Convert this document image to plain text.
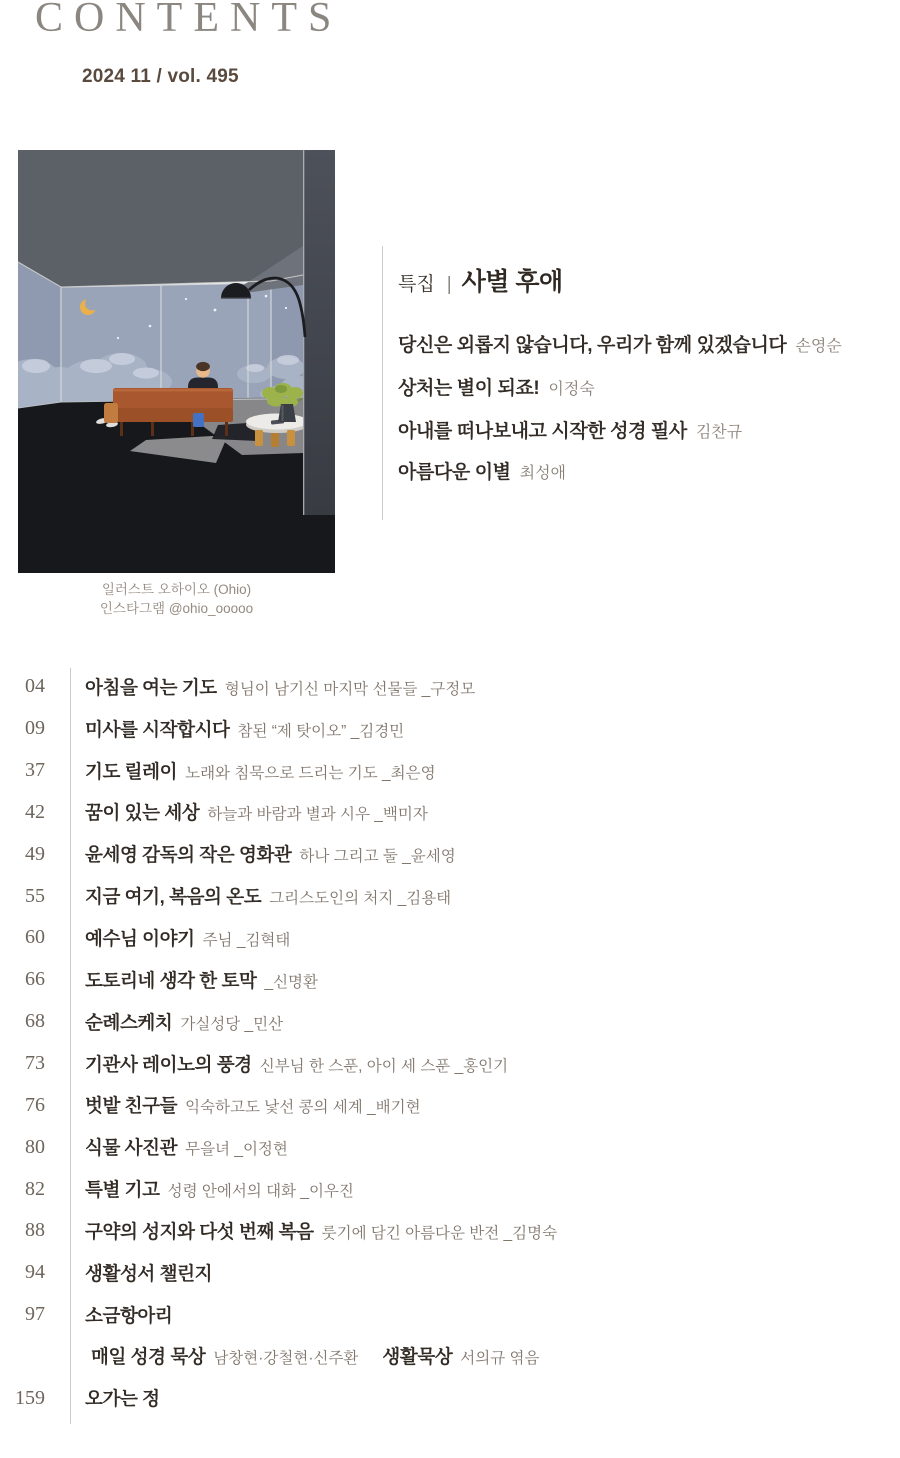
CONTENTS
2024 11 / vol. 495
일러스트 오하이오 (Ohio)
인스타그램 @ohio_ooooo
특집 | 사별 후애
당신은 외롭지 않습니다, 우리가 함께 있겠습니다 손영순
상처는 별이 되죠! 이정숙
아내를 떠나보내고 시작한 성경 필사 김찬규
아름다운 이별 최성애
04 아침을 여는 기도 형님이 남기신 마지막 선물들 _구정모
09 미사를 시작합시다 참된 “제 탓이오” _김경민
37 기도 릴레이 노래와 침묵으로 드리는 기도 _최은영
42 꿈이 있는 세상 하늘과 바람과 별과 시우 _백미자
49 윤세영 감독의 작은 영화관 하나 그리고 둘 _윤세영
55 지금 여기, 복음의 온도 그리스도인의 처지 _김용태
60 예수님 이야기 주님 _김혁태
66 도토리네 생각 한 토막 _신명환
68 순례스케치 가실성당 _민산
73 기관사 레이노의 풍경 신부님 한 스푼, 아이 세 스푼 _홍인기
76 벗밭 친구들 익숙하고도 낯선 콩의 세계 _배기현
80 식물 사진관 무을녀 _이정현
82 특별 기고 성령 안에서의 대화 _이우진
88 구약의 성지와 다섯 번째 복음 룻기에 담긴 아름다운 반전 _김명숙
94 생활성서 챌린지
97 소금항아리
매일 성경 묵상 남창현·강철현·신주환 생활묵상 서의규 엮음
159 오가는 정
